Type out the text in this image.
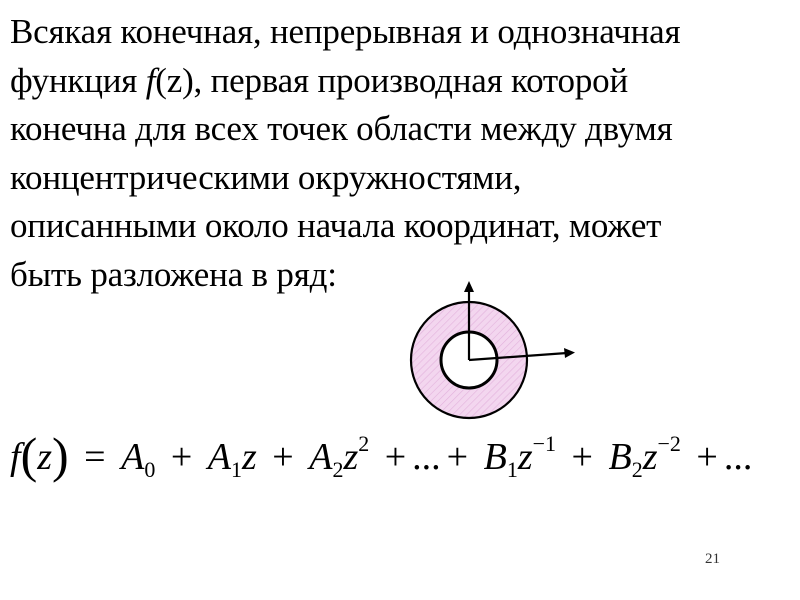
Всякая конечная, непрерывная и однозначная
функция f(z), первая производная которой
конечна для всех точек области между двумя
концентрическими окружностями,
описанными около начала координат, может
быть разложена в ряд:
$f(z) = A_0 + A_1z + A_2z^2$ + ... + $B_1z^{-1} + B_2z^{-2}$ + ...
21
